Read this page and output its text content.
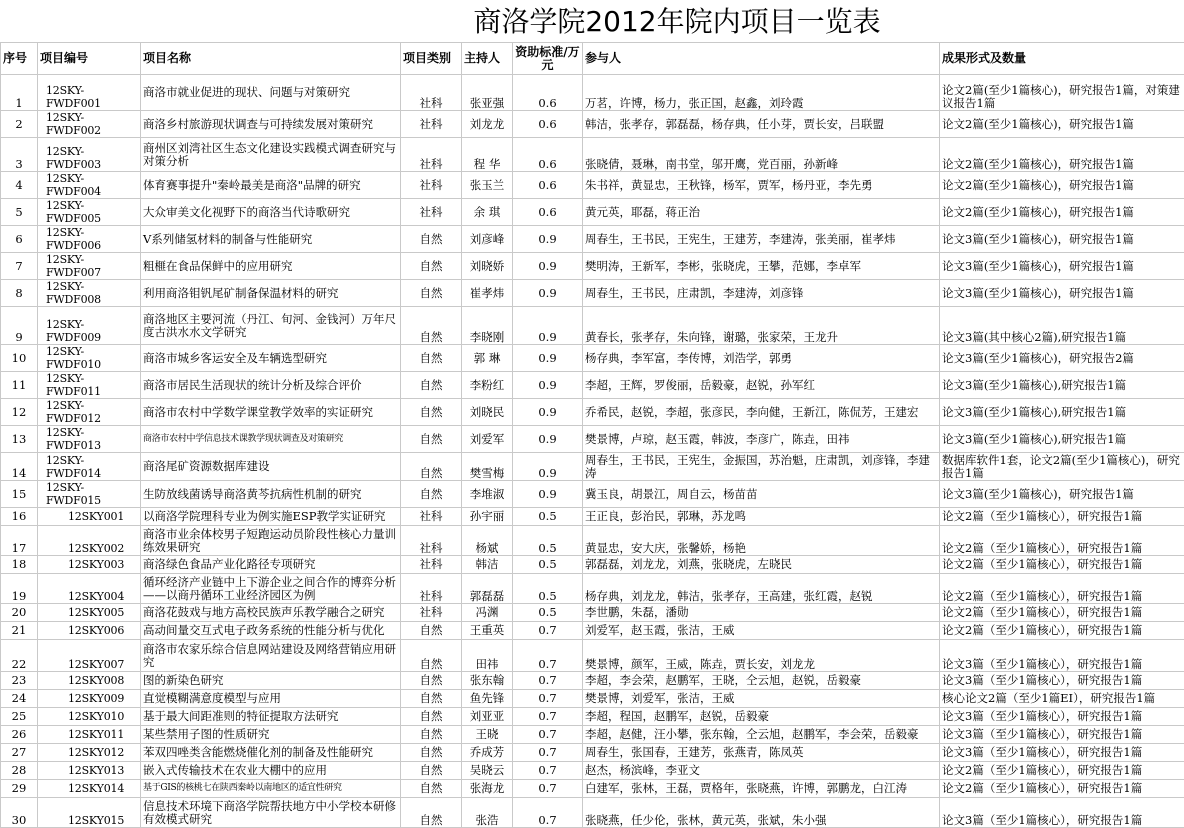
商洛学院2012年院内项目一览表
序号	项目编号	项目名称	项目类别	主持人	资助标准/万元	参与人	成果形式及数量
1	12SKY-FWDF001	商洛市就业促进的现状、问题与对策研究	社科	张亚强	0.6	万茗，许博，杨力，张正国，赵鑫，刘玲霞	论文2篇(至少1篇核心)，研究报告1篇，对策建议报告1篇
2	12SKY-FWDF002	商洛乡村旅游现状调查与可持续发展对策研究	社科	刘龙龙	0.6	韩洁，张孝存，郭磊磊，杨存典，任小芽，贾长安，吕联盟	论文2篇(至少1篇核心)，研究报告1篇
3	12SKY-FWDF003	商州区刘湾社区生态文化建设实践模式调查研究与对策分析	社科	程 华	0.6	张晓倩，聂琳，南书堂，邬开鹰，党百丽，孙新峰	论文2篇(至少1篇核心)，研究报告1篇
4	12SKY-FWDF004	体育赛事提升"秦岭最美是商洛"品牌的研究	社科	张玉兰	0.6	朱书祥，黄显忠，王秋锋，杨军，贾军，杨丹亚，李先勇	论文2篇(至少1篇核心)，研究报告1篇
5	12SKY-FWDF005	大众审美文化视野下的商洛当代诗歌研究	社科	余 琪	0.6	黄元英，耶磊，蒋正治	论文2篇(至少1篇核心)，研究报告1篇
6	12SKY-FWDF006	V系列储氢材料的制备与性能研究	自然	刘彦峰	0.9	周春生，王书民，王宪生，王建芳，李建涛，张美丽，崔孝炜	论文3篇(至少1篇核心)，研究报告1篇
7	12SKY-FWDF007	粗榧在食品保鲜中的应用研究	自然	刘晓娇	0.9	樊明涛，王新军，李彬，张晓虎，王攀，范娜，李卓军	论文3篇(至少1篇核心)，研究报告1篇
8	12SKY-FWDF008	利用商洛钼钒尾矿制备保温材料的研究	自然	崔孝炜	0.9	周春生，王书民，庄肃凯，李建涛，刘彦锋	论文3篇(至少1篇核心)，研究报告1篇
9	12SKY-FWDF009	商洛地区主要河流（丹江、旬河、金钱河）万年尺度古洪水水文学研究	自然	李晓刚	0.9	黄春长，张孝存，朱向锋，谢璐，张家荣，王龙升	论文3篇(其中核心2篇),研究报告1篇
10	12SKY-FWDF010	商洛市城乡客运安全及车辆选型研究	自然	郭 琳	0.9	杨存典，李军富，李传博，刘浩学，郭勇	论文3篇(至少1篇核心)，研究报告2篇
11	12SKY-FWDF011	商洛市居民生活现状的统计分析及综合评价	自然	李粉红	0.9	李超，王辉，罗俊丽，岳毅豪，赵锐，孙军红	论文3篇(至少1篇核心),研究报告1篇
12	12SKY-FWDF012	商洛市农村中学数学课堂教学效率的实证研究	自然	刘晓民	0.9	乔希民，赵锐，李超，张彦民，李向健，王新江，陈侃芳，王建宏	论文3篇(至少1篇核心),研究报告1篇
13	12SKY-FWDF013	商洛市农村中学信息技术课教学现状调查及对策研究	自然	刘爱军	0.9	樊景博，卢琼，赵玉霞，韩波，李彦广，陈垚，田祎	论文3篇(至少1篇核心),研究报告1篇
14	12SKY-FWDF014	商洛尾矿资源数据库建设	自然	樊雪梅	0.9	周春生，王书民，王宪生，金振国，苏治魁，庄肃凯，刘彦锋，李建涛	数据库软件1套，论文2篇(至少1篇核心)，研究报告1篇
15	12SKY-FWDF015	生防放线菌诱导商洛黄芩抗病性机制的研究	自然	李堆淑	0.9	冀玉良，胡景江，周自云，杨苗苗	论文3篇(至少1篇核心)，研究报告1篇
16	12SKY001	以商洛学院理科专业为例实施ESP教学实证研究	社科	孙宇丽	0.5	王正良，彭治民，郭琳，苏龙鸣	论文2篇（至少1篇核心），研究报告1篇
17	12SKY002	商洛市业余体校男子短跑运动员阶段性核心力量训练效果研究	社科	杨斌	0.5	黄显忠，安大庆，张馨娇，杨艳	论文2篇（至少1篇核心），研究报告1篇
18	12SKY003	商洛绿色食品产业化路径专项研究	社科	韩洁	0.5	郭磊磊，刘龙龙，刘燕，张晓虎，左晓民	论文2篇（至少1篇核心），研究报告1篇
19	12SKY004	循环经济产业链中上下游企业之间合作的博弈分析——以商丹循环工业经济园区为例	社科	郭磊磊	0.5	杨存典，刘龙龙，韩洁，张孝存，王高建，张红霞，赵锐	论文2篇（至少1篇核心），研究报告1篇
20	12SKY005	商洛花鼓戏与地方高校民族声乐教学融合之研究	社科	冯渊	0.5	李世鹏，朱磊，潘勋	论文2篇（至少1篇核心），研究报告1篇
21	12SKY006	高动间量交互式电子政务系统的性能分析与优化	自然	王重英	0.7	刘爱军，赵玉霞，张洁，王威	论文2篇（至少1篇核心），研究报告1篇
22	12SKY007	商洛市农家乐综合信息网站建设及网络营销应用研究	自然	田祎	0.7	樊景博，颜军，王威，陈垚，贾长安，刘龙龙	论文3篇（至少1篇核心），研究报告1篇
23	12SKY008	图的新染色研究	自然	张东翰	0.7	李超，李会荣，赵鹏军，王晓，仝云旭，赵锐，岳毅豪	论文3篇（至少1篇核心），研究报告1篇
24	12SKY009	直觉模糊满意度模型与应用	自然	鱼先锋	0.7	樊景博，刘爱军，张洁，王威	核心论文2篇（至少1篇EI），研究报告1篇
25	12SKY010	基于最大间距准则的特征提取方法研究	自然	刘亚亚	0.7	李超，程国，赵鹏军，赵锐，岳毅豪	论文3篇（至少1篇核心），研究报告1篇
26	12SKY011	某些禁用子图的性质研究	自然	王晓	0.7	李超，赵健，汪小攀，张东翰，仝云旭，赵鹏军，李会荣，岳毅豪	论文3篇（至少1篇核心），研究报告1篇
27	12SKY012	苯双四唑类含能燃烧催化剂的制备及性能研究	自然	乔成芳	0.7	周春生，张国春，王建芳，张燕青，陈凤英	论文3篇（至少1篇核心），研究报告1篇
28	12SKY013	嵌入式传输技术在农业大棚中的应用	自然	吴晓云	0.7	赵杰，杨滨峰，李亚文	论文2篇（至少1篇核心），研究报告1篇
29	12SKY014	基于GIS的核桃七在陕西秦岭以南地区的适宜性研究	自然	张海龙	0.7	白建军，张林，王磊，贾格年，张晓燕，许博，郭鹏龙，白江涛	论文2篇（至少1篇核心），研究报告1篇
30	12SKY015	信息技术环境下商洛学院帮扶地方中小学校本研修有效模式研究	自然	张浩	0.7	张晓燕，任少伦，张林，黄元英，张斌，朱小强	论文3篇（至少1篇核心），研究报告1篇
